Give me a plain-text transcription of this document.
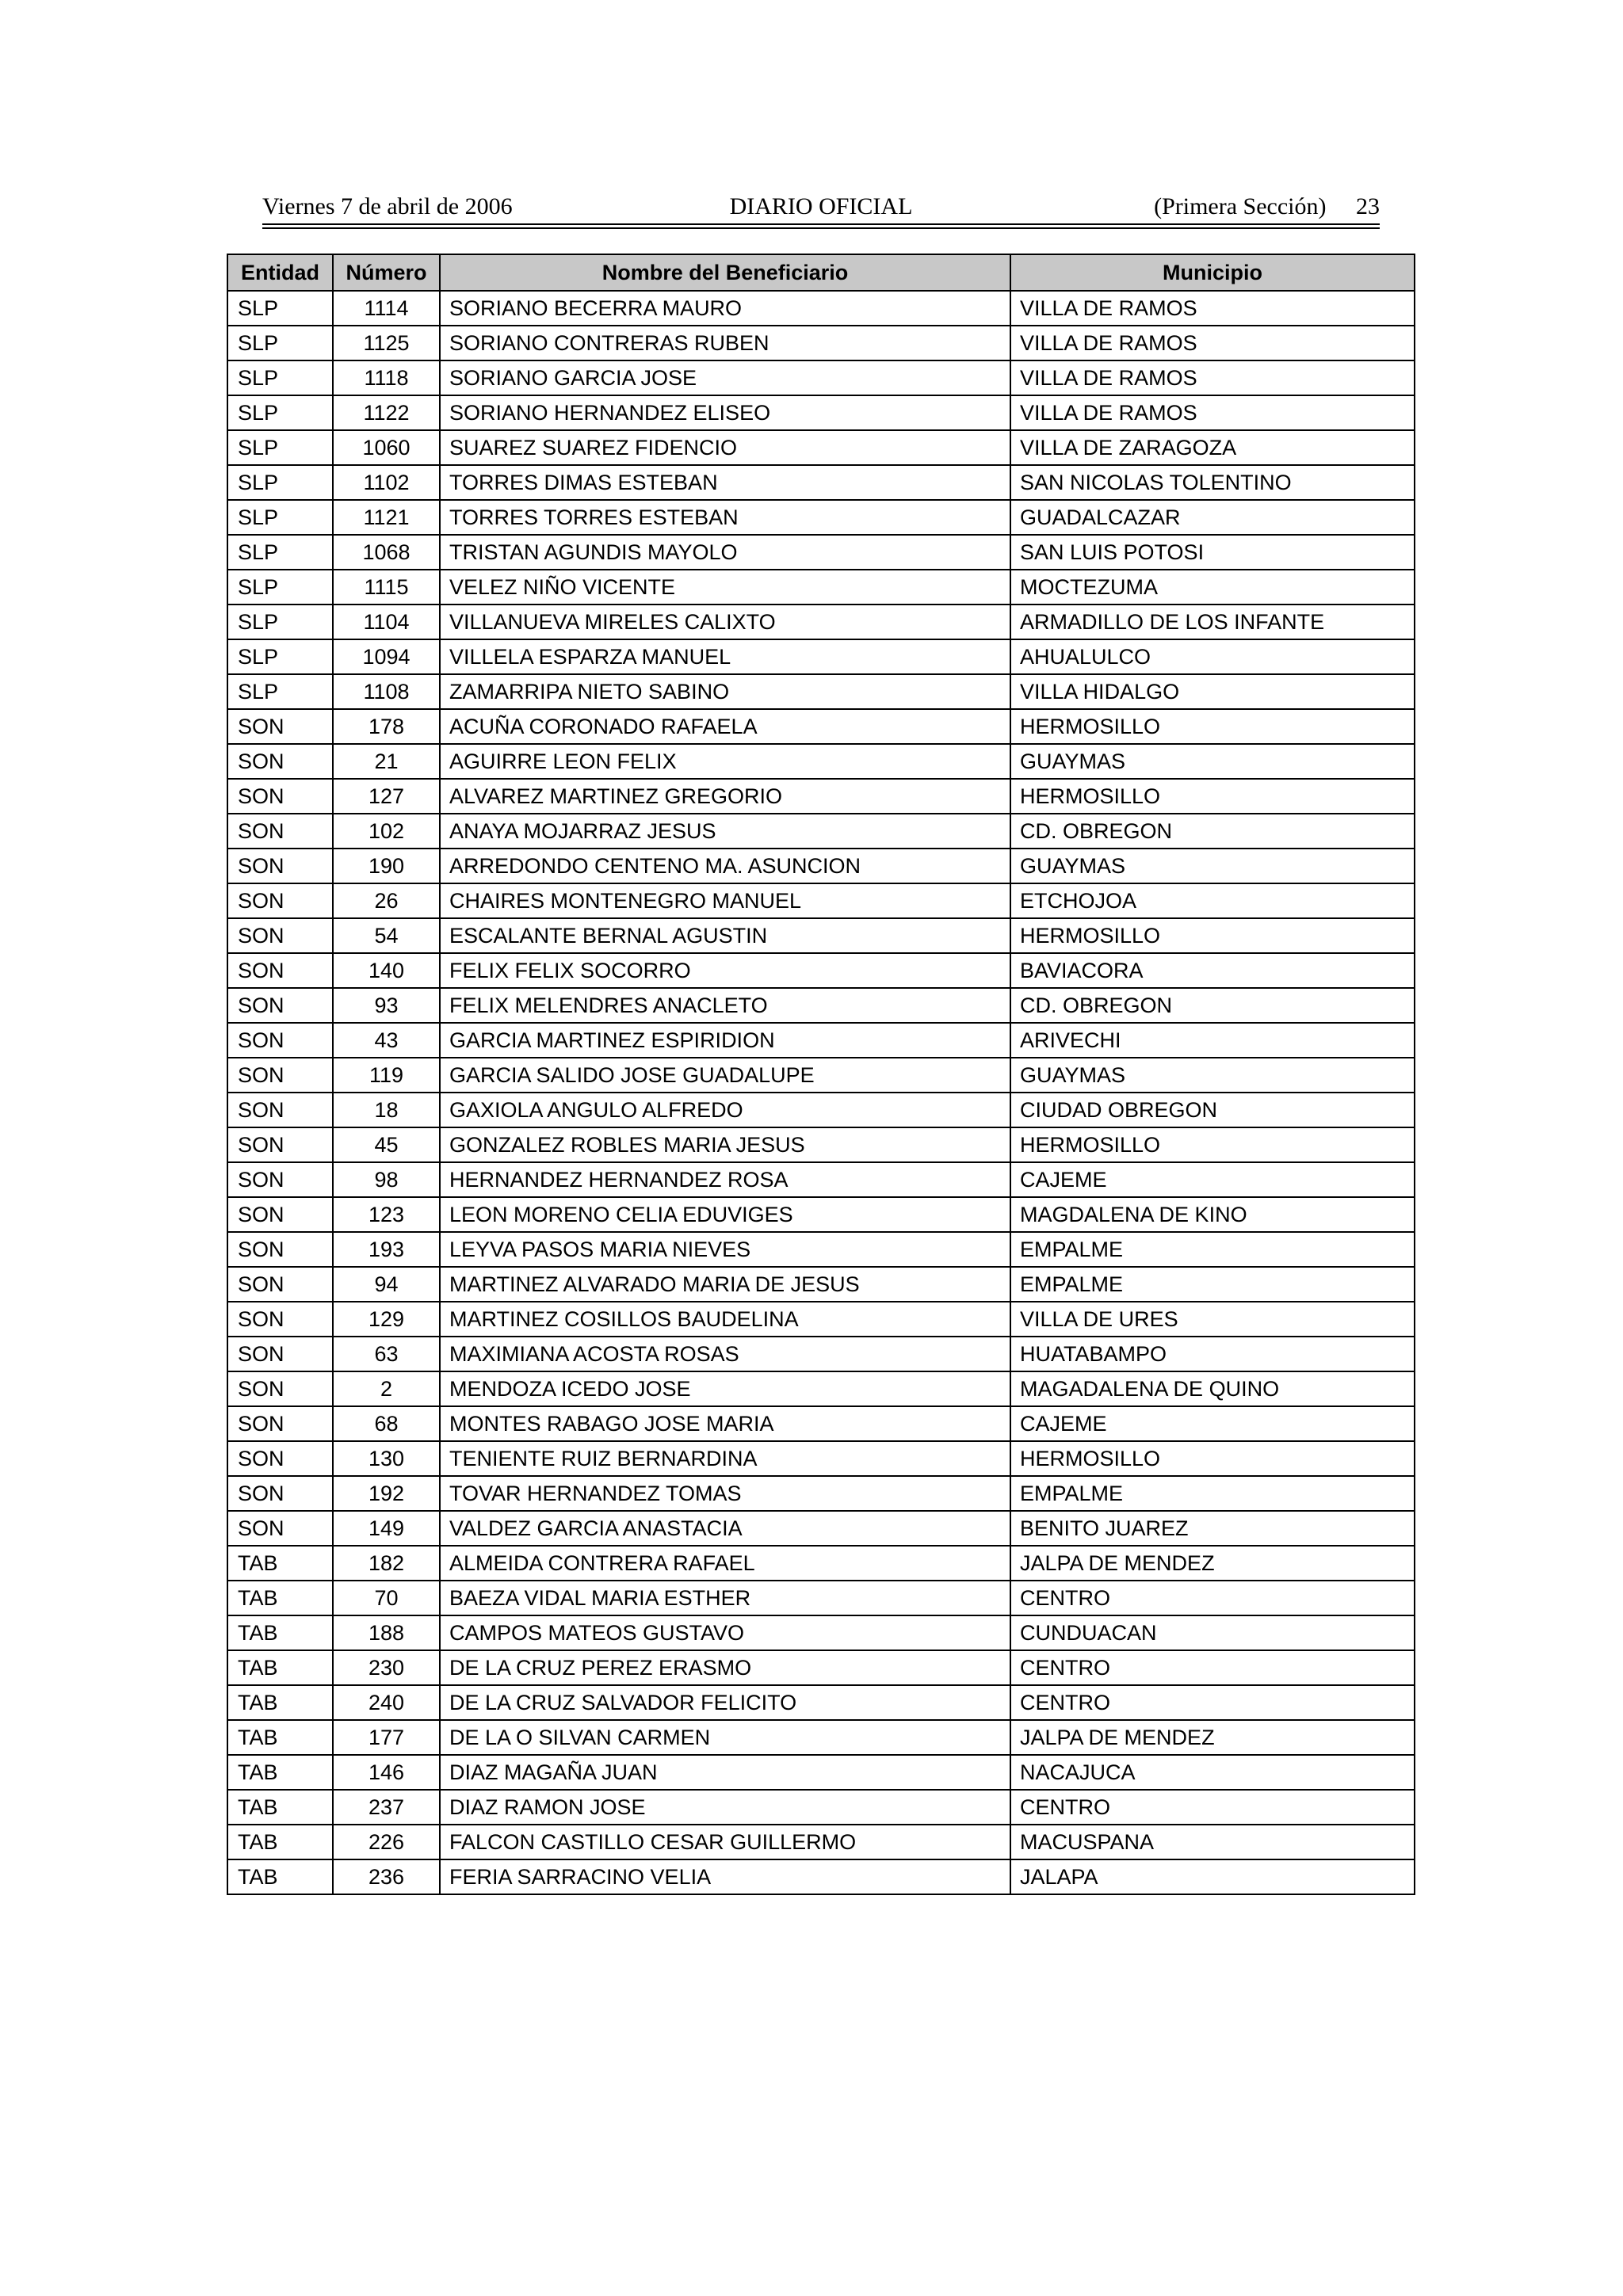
Viernes 7 de abril de 2006	DIARIO OFICIAL	(Primera Sección) 23
Entidad	Número	Nombre del Beneficiario	Municipio
SLP	1114	SORIANO BECERRA MAURO	VILLA DE RAMOS
SLP	1125	SORIANO CONTRERAS RUBEN	VILLA DE RAMOS
SLP	1118	SORIANO GARCIA JOSE	VILLA DE RAMOS
SLP	1122	SORIANO HERNANDEZ ELISEO	VILLA DE RAMOS
SLP	1060	SUAREZ SUAREZ FIDENCIO	VILLA DE ZARAGOZA
SLP	1102	TORRES DIMAS ESTEBAN	SAN NICOLAS TOLENTINO
SLP	1121	TORRES TORRES ESTEBAN	GUADALCAZAR
SLP	1068	TRISTAN AGUNDIS MAYOLO	SAN LUIS POTOSI
SLP	1115	VELEZ NIÑO VICENTE	MOCTEZUMA
SLP	1104	VILLANUEVA MIRELES CALIXTO	ARMADILLO DE LOS INFANTE
SLP	1094	VILLELA ESPARZA MANUEL	AHUALULCO
SLP	1108	ZAMARRIPA NIETO SABINO	VILLA HIDALGO
SON	178	ACUÑA CORONADO RAFAELA	HERMOSILLO
SON	21	AGUIRRE LEON FELIX	GUAYMAS
SON	127	ALVAREZ MARTINEZ GREGORIO	HERMOSILLO
SON	102	ANAYA MOJARRAZ JESUS	CD. OBREGON
SON	190	ARREDONDO CENTENO MA. ASUNCION	GUAYMAS
SON	26	CHAIRES MONTENEGRO MANUEL	ETCHOJOA
SON	54	ESCALANTE BERNAL AGUSTIN	HERMOSILLO
SON	140	FELIX FELIX SOCORRO	BAVIACORA
SON	93	FELIX MELENDRES ANACLETO	CD. OBREGON
SON	43	GARCIA MARTINEZ ESPIRIDION	ARIVECHI
SON	119	GARCIA SALIDO JOSE GUADALUPE	GUAYMAS
SON	18	GAXIOLA ANGULO ALFREDO	CIUDAD OBREGON
SON	45	GONZALEZ ROBLES MARIA JESUS	HERMOSILLO
SON	98	HERNANDEZ HERNANDEZ ROSA	CAJEME
SON	123	LEON MORENO CELIA EDUVIGES	MAGDALENA DE KINO
SON	193	LEYVA PASOS MARIA NIEVES	EMPALME
SON	94	MARTINEZ ALVARADO MARIA DE JESUS	EMPALME
SON	129	MARTINEZ COSILLOS BAUDELINA	VILLA DE URES
SON	63	MAXIMIANA ACOSTA ROSAS	HUATABAMPO
SON	2	MENDOZA ICEDO JOSE	MAGADALENA DE QUINO
SON	68	MONTES RABAGO JOSE MARIA	CAJEME
SON	130	TENIENTE RUIZ BERNARDINA	HERMOSILLO
SON	192	TOVAR HERNANDEZ TOMAS	EMPALME
SON	149	VALDEZ GARCIA ANASTACIA	BENITO JUAREZ
TAB	182	ALMEIDA CONTRERA RAFAEL	JALPA DE MENDEZ
TAB	70	BAEZA VIDAL MARIA ESTHER	CENTRO
TAB	188	CAMPOS MATEOS GUSTAVO	CUNDUACAN
TAB	230	DE LA CRUZ PEREZ ERASMO	CENTRO
TAB	240	DE LA CRUZ SALVADOR FELICITO	CENTRO
TAB	177	DE LA O SILVAN CARMEN	JALPA DE MENDEZ
TAB	146	DIAZ MAGAÑA JUAN	NACAJUCA
TAB	237	DIAZ RAMON JOSE	CENTRO
TAB	226	FALCON CASTILLO CESAR GUILLERMO	MACUSPANA
TAB	236	FERIA SARRACINO VELIA	JALAPA
